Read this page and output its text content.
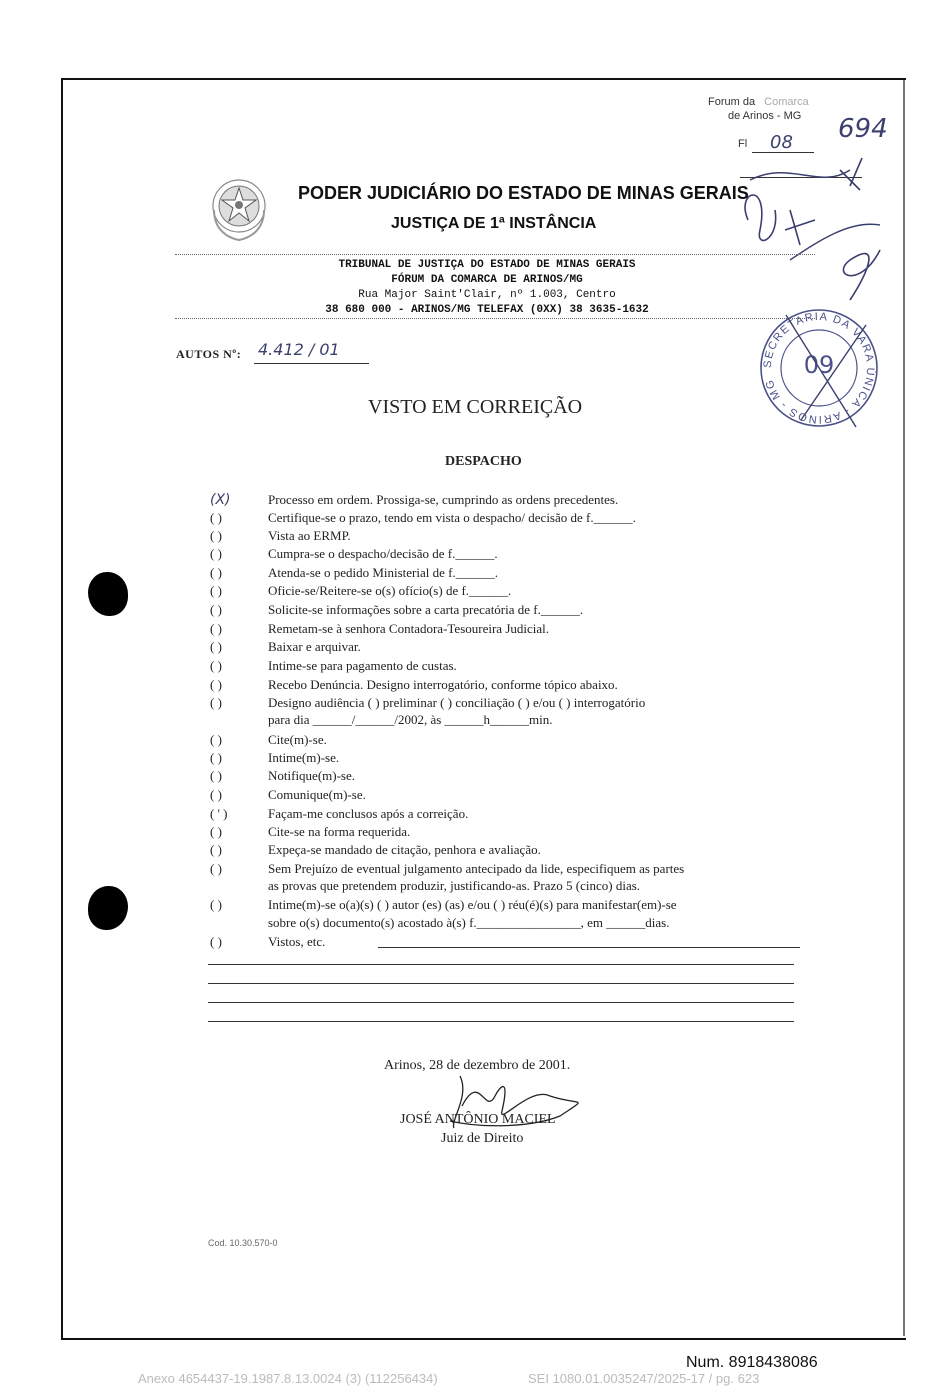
Forum da Comarca
de Arinos - MG
Fl 08 694
PODER JUDICIÁRIO DO ESTADO DE MINAS GERAIS
JUSTIÇA DE 1ª INSTÂNCIA
TRIBUNAL DE JUSTIÇA DO ESTADO DE MINAS GERAIS
FÓRUM DA COMARCA DE ARINOS/MG
Rua Major Saint'Clair, nº 1.003, Centro
38 680 000 - ARINOS/MG TELEFAX (0XX) 38 3635-1632
AUTOS Nº: 4.412 / 01
SECRETARIA DA VARA ÚNICA · ARINOS - MG
09
VISTO EM CORREIÇÃO
DESPACHO
(X)	Processo em ordem. Prossiga-se, cumprindo as ordens precedentes.
( )	Certifique-se o prazo, tendo em vista o despacho/ decisão de f.______.
( )	Vista ao ERMP.
( )	Cumpra-se o despacho/decisão de f.______.
( )	Atenda-se o pedido Ministerial de f.______.
( )	Oficie-se/Reitere-se o(s) ofício(s) de f.______.
( )	Solicite-se informações sobre a carta precatória de f.______.
( )	Remetam-se à senhora Contadora-Tesoureira Judicial.
( )	Baixar e arquivar.
( )	Intime-se para pagamento de custas.
( )	Recebo Denúncia. Designo interrogatório, conforme tópico abaixo.
( )	Designo audiência ( ) preliminar ( ) conciliação ( ) e/ou ( ) interrogatório
para dia ______/______/2002, às ______h______min.
( )	Cite(m)-se.
( )	Intime(m)-se.
( )	Notifique(m)-se.
( )	Comunique(m)-se.
( ' )	Façam-me conclusos após a correição.
( )	Cite-se na forma requerida.
( )	Expeça-se mandado de citação, penhora e avaliação.
( )	Sem Prejuízo de eventual julgamento antecipado da lide, especifiquem as partes
as provas que pretendem produzir, justificando-as. Prazo 5 (cinco) dias.
( )	Intime(m)-se o(a)(s) ( ) autor (es) (as) e/ou ( ) réu(é)(s) para manifestar(em)-se
sobre o(s) documento(s) acostado à(s) f.________________, em ______dias.
( )	Vistos, etc.
Arinos, 28 de dezembro de 2001.
JOSÉ ANTÔNIO MACIEL
Juiz de Direito
Cod. 10.30.570-0
Num. 8918438086
Anexo 4654437-19.1987.8.13.0024 (3) (112256434)	SEI 1080.01.0035247/2025-17 / pg. 623
